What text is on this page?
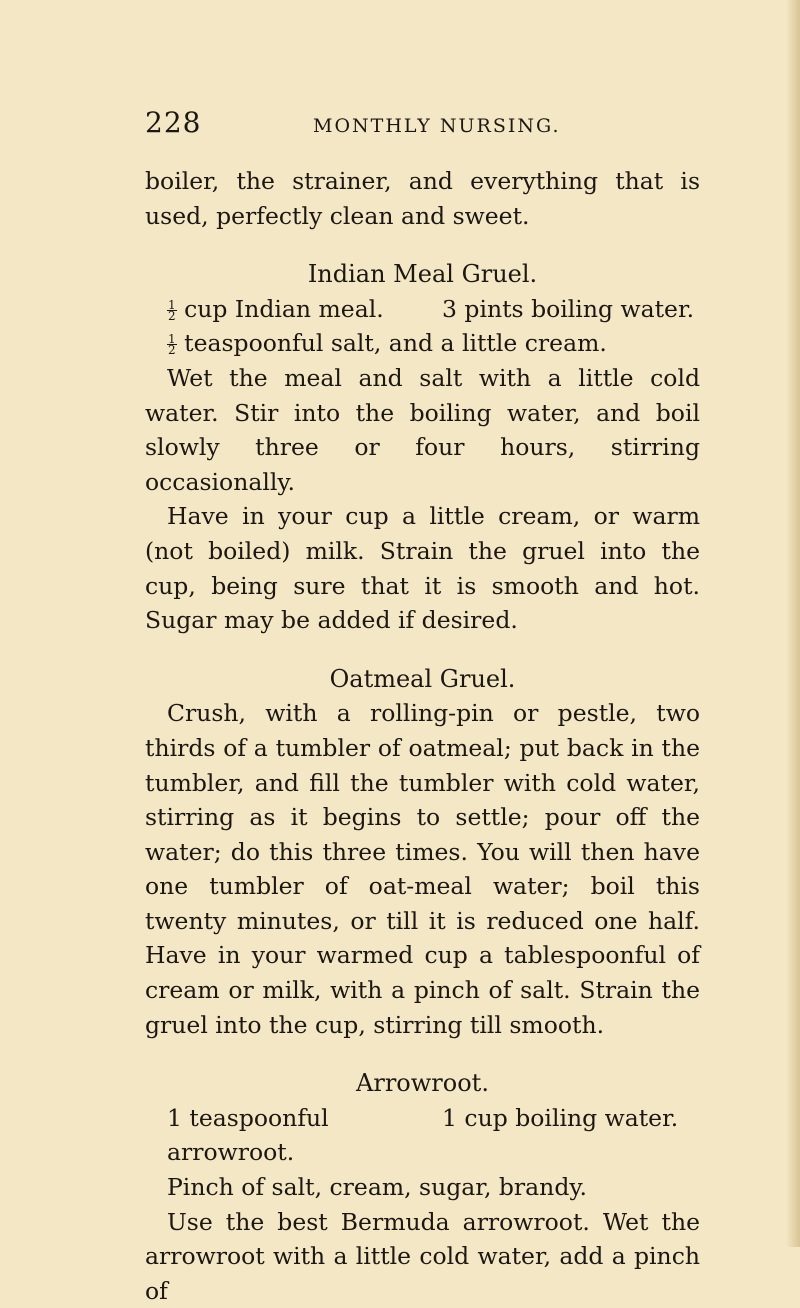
228	MONTHLY NURSING.

boiler, the strainer, and everything that is used, perfectly clean and sweet.

Indian Meal Gruel.

$\frac{1}{2}$ cup Indian meal.	3 pints boiling water.
$\frac{1}{2}$ teaspoonful salt, and a little cream.

Wet the meal and salt with a little cold water. Stir into the boiling water, and boil slowly three or four hours, stirring occasionally.

Have in your cup a little cream, or warm (not boiled) milk. Strain the gruel into the cup, being sure that it is smooth and hot. Sugar may be added if desired.

Oatmeal Gruel.

Crush, with a rolling-pin or pestle, two thirds of a tumbler of oatmeal; put back in the tumbler, and fill the tumbler with cold water, stirring as it begins to settle; pour off the water; do this three times. You will then have one tumbler of oat-meal water; boil this twenty minutes, or till it is reduced one half. Have in your warmed cup a tablespoonful of cream or milk, with a pinch of salt. Strain the gruel into the cup, stirring till smooth.

Arrowroot.

1 teaspoonful arrowroot.
1 cup boiling water.
Pinch of salt, cream, sugar, brandy.

Use the best Bermuda arrowroot. Wet the arrowroot with a little cold water, add a pinch of
